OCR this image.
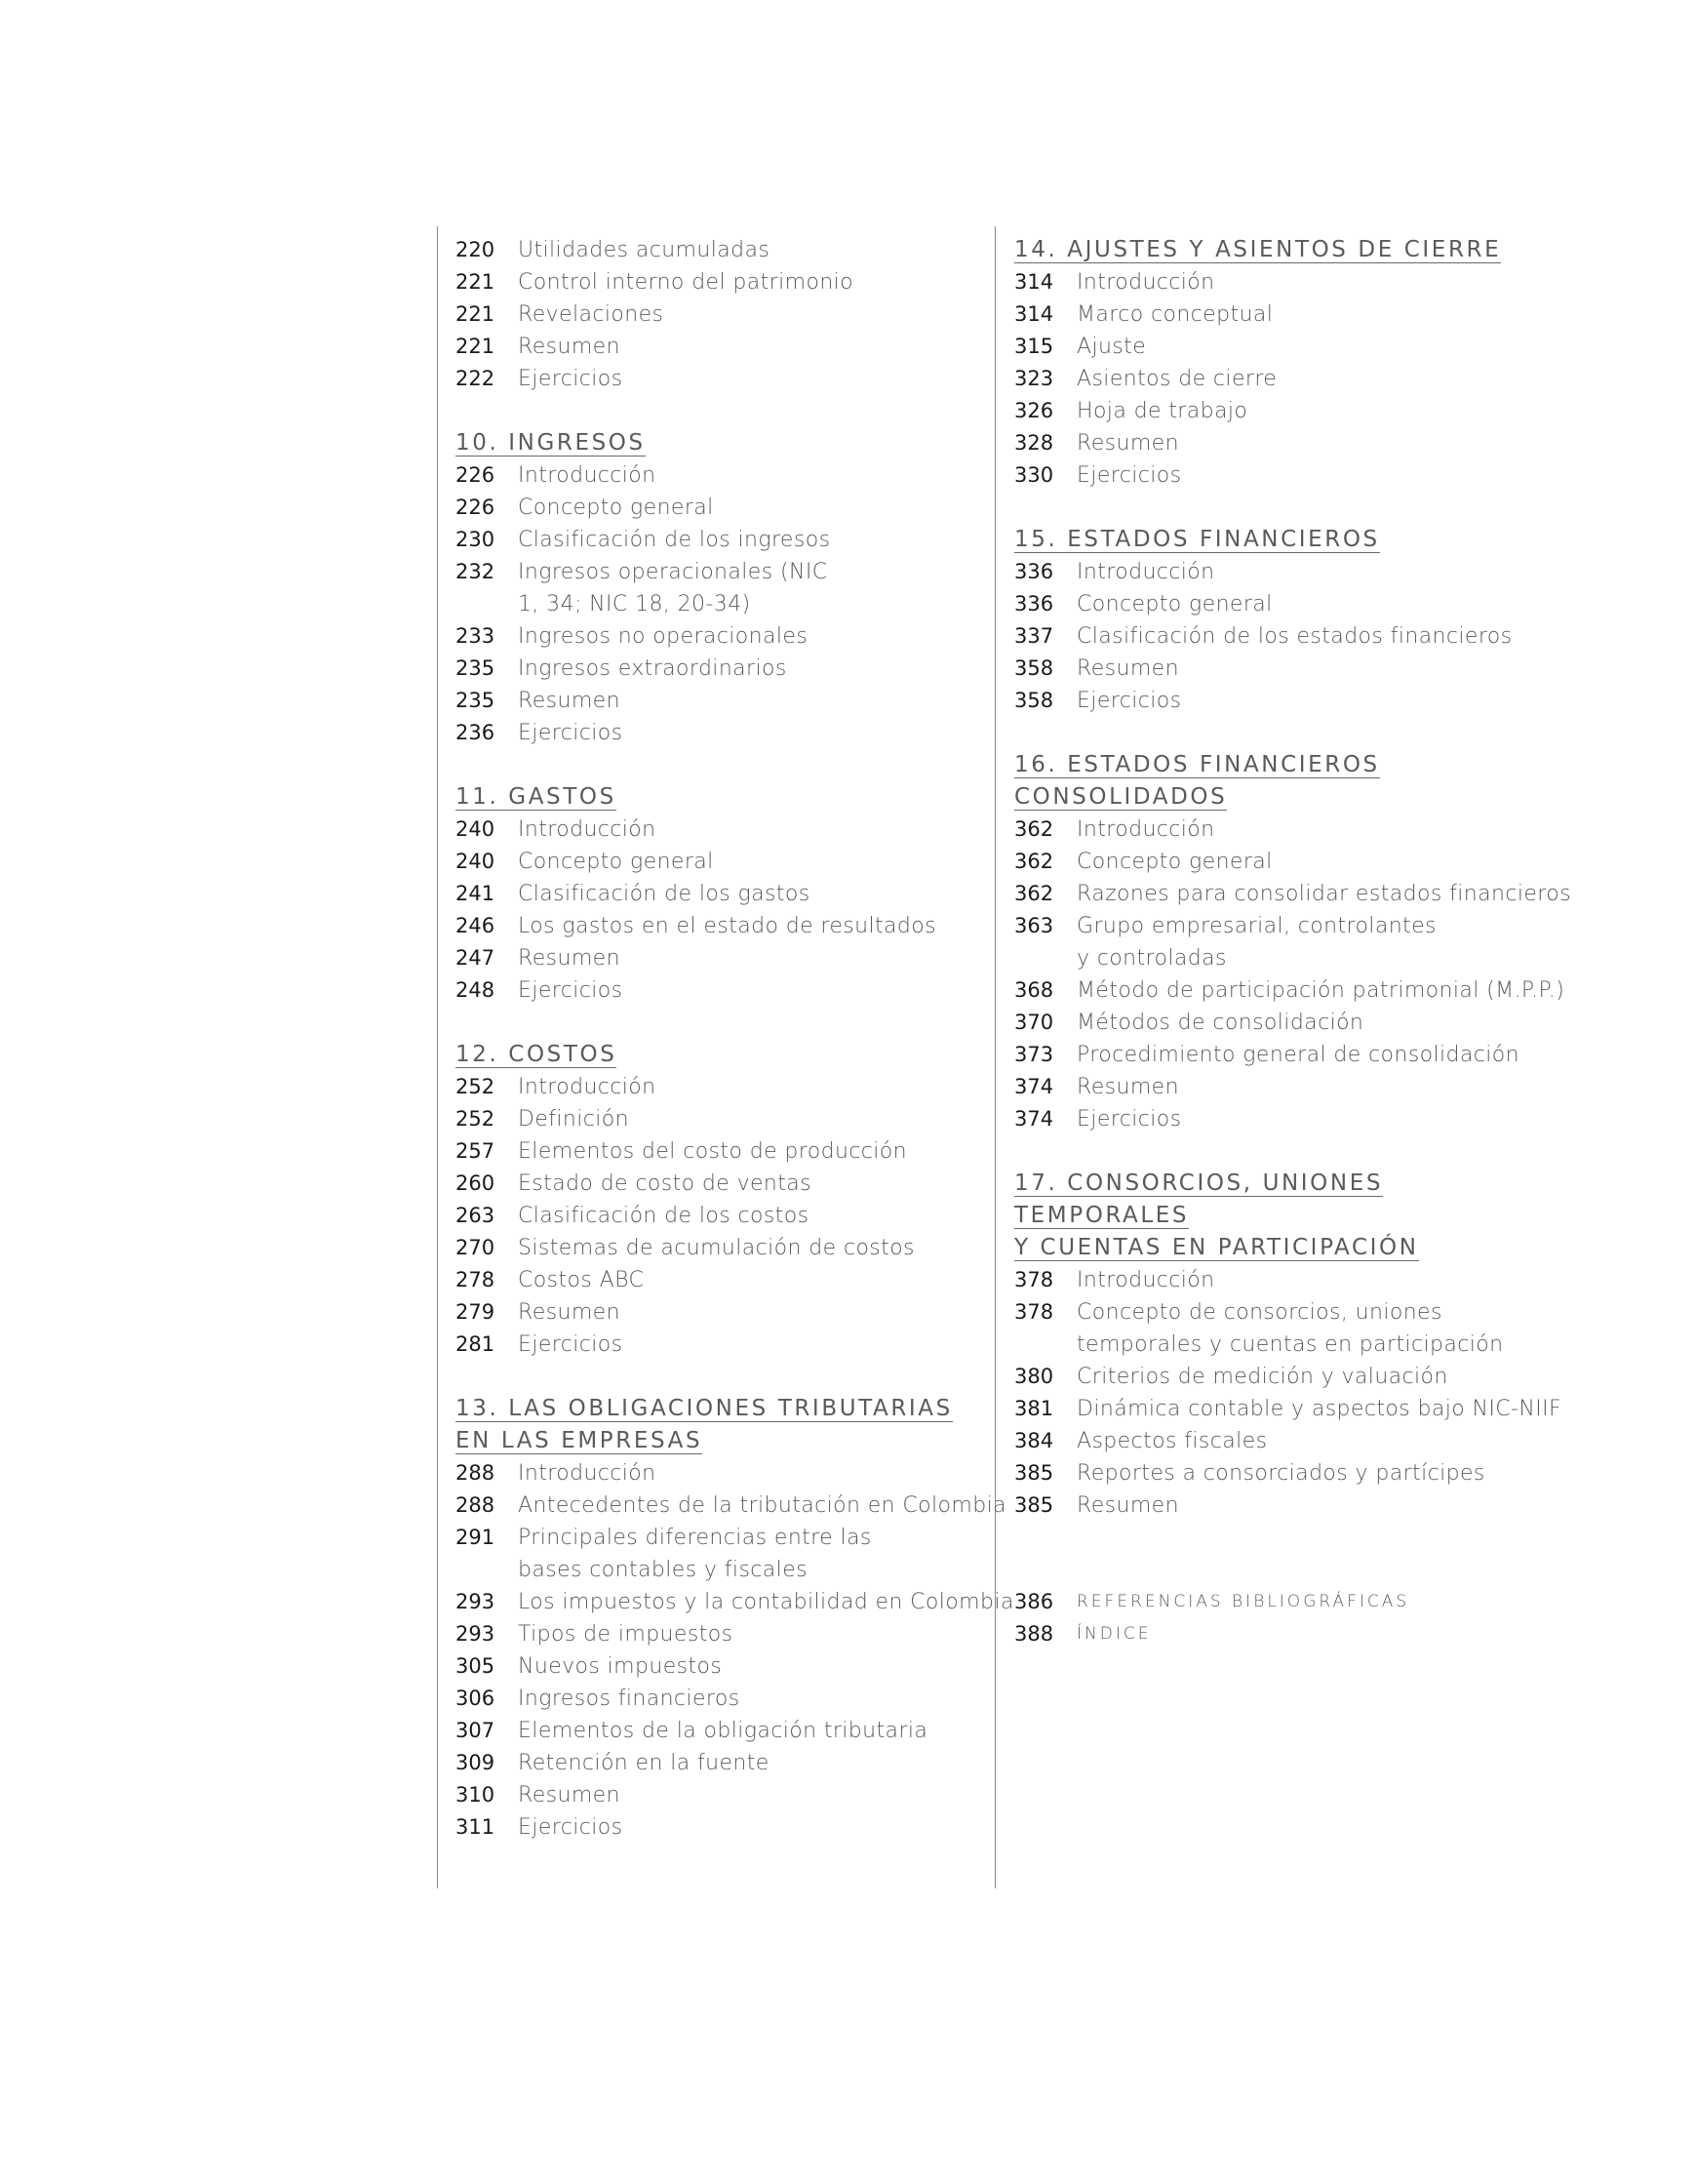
220	Utilidades acumuladas
221	Control interno del patrimonio
221	Revelaciones
221	Resumen
222	Ejercicios
10. INGRESOS
226	Introducción
226	Concepto general
230	Clasificación de los ingresos
232	Ingresos operacionales (NIC
1, 34; NIC 18, 20-34)
233	Ingresos no operacionales
235	Ingresos extraordinarios
235	Resumen
236	Ejercicios
11. GASTOS
240	Introducción
240	Concepto general
241	Clasificación de los gastos
246	Los gastos en el estado de resultados
247	Resumen
248	Ejercicios
12. COSTOS
252	Introducción
252	Definición
257	Elementos del costo de producción
260	Estado de costo de ventas
263	Clasificación de los costos
270	Sistemas de acumulación de costos
278	Costos ABC
279	Resumen
281	Ejercicios
13. LAS OBLIGACIONES TRIBUTARIAS
EN LAS EMPRESAS
288	Introducción
288	Antecedentes de la tributación en Colombia
291	Principales diferencias entre las
bases contables y fiscales
293	Los impuestos y la contabilidad en Colombia
293	Tipos de impuestos
305	Nuevos impuestos
306	Ingresos financieros
307	Elementos de la obligación tributaria
309	Retención en la fuente
310	Resumen
311	Ejercicios
14. AJUSTES Y ASIENTOS DE CIERRE
314	Introducción
314	Marco conceptual
315	Ajuste
323	Asientos de cierre
326	Hoja de trabajo
328	Resumen
330	Ejercicios
15. ESTADOS FINANCIEROS
336	Introducción
336	Concepto general
337	Clasificación de los estados financieros
358	Resumen
358	Ejercicios
16. ESTADOS FINANCIEROS
CONSOLIDADOS
362	Introducción
362	Concepto general
362	Razones para consolidar estados financieros
363	Grupo empresarial, controlantes
y controladas
368	Método de participación patrimonial (M.P.P.)
370	Métodos de consolidación
373	Procedimiento general de consolidación
374	Resumen
374	Ejercicios
17. CONSORCIOS, UNIONES TEMPORALES
Y CUENTAS EN PARTICIPACIÓN
378	Introducción
378	Concepto de consorcios, uniones
temporales y cuentas en participación
380	Criterios de medición y valuación
381	Dinámica contable y aspectos bajo NIC-NIIF
384	Aspectos fiscales
385	Reportes a consorciados y partícipes
385	Resumen
386	REFERENCIAS BIBLIOGRÁFICAS
388	ÍNDICE
